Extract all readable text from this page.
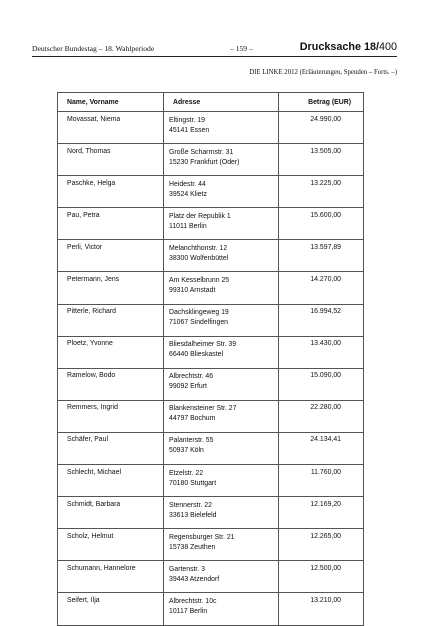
Deutscher Bundestag – 18. Wahlperiode	– 159 –	Drucksache 18/400
DIE LINKE 2012 (Erläuterungen, Spenden – Forts. –)
Name, Vorname	Adresse	Betrag (EUR)
Movassat, Niema	Eltingstr. 19
45141 Essen	24.990,00
Nord, Thomas	Große Scharrnstr. 31
15230 Frankfurt (Oder)	13.505,00
Paschke, Helga	Heidestr. 44
39524 Klietz	13.225,00
Pau, Petra	Platz der Republik 1
11011 Berlin	15.600,00
Perli, Victor	Melanchthonstr. 12
38300 Wolfenbüttel	13.597,89
Petermann, Jens	Am Kesselbrunn 25
99310 Arnstadt	14.270,00
Pitterle, Richard	Dachsklingeweg 19
71067 Sindelfingen	16.994,52
Ploetz, Yvonne	Bliesdalheimer Str. 39
66440 Blieskastel	13.430,00
Ramelow, Bodo	Albrechtstr. 46
99092 Erfurt	15.090,00
Remmers, Ingrid	Blankensteiner Str. 27
44797 Bochum	22.280,00
Schäfer, Paul	Palanterstr. 55
50937 Köln	24.134,41
Schlecht, Michael	Etzelstr. 22
70180 Stuttgart	11.760,00
Schmidt, Barbara	Stennerstr. 22
33613 Bielefeld	12.169,20
Scholz, Helmut	Regensburger Str. 21
15738 Zeuthen	12.265,00
Schumann, Hannelore	Gartenstr. 3
39443 Atzendorf	12.500,00
Seifert, Ilja	Albrechtstr. 10c
10117 Berlin	13.210,00
